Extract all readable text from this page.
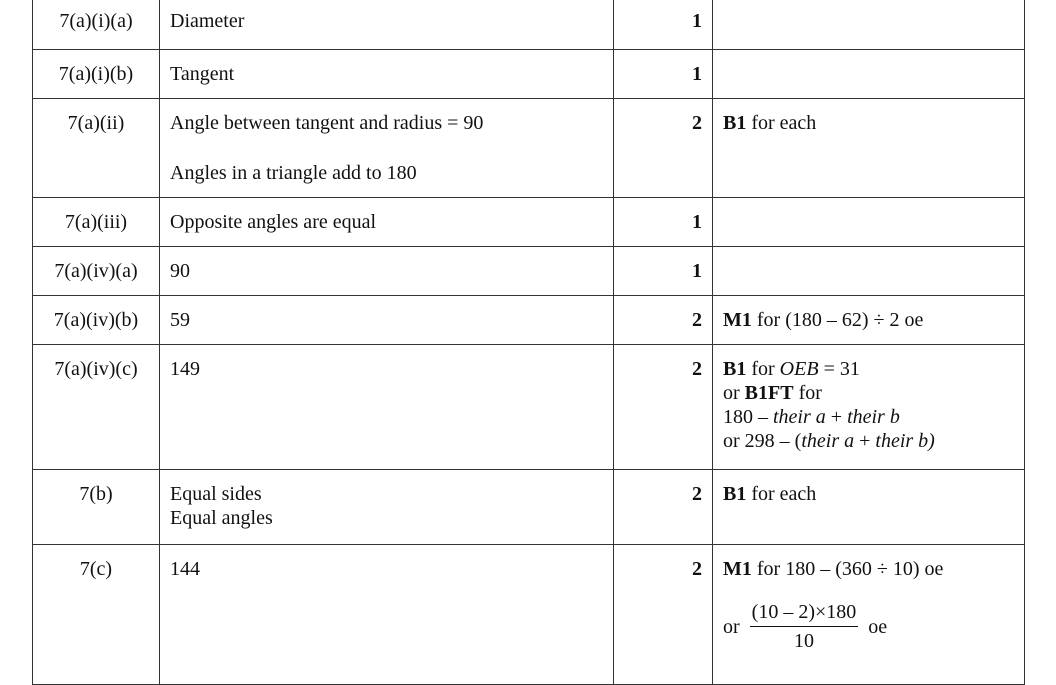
7(a)(i)(a)	Diameter	1	
7(a)(i)(b)	Tangent	1	
7(a)(ii)	Angle between tangent and radius = 90
Angles in a triangle add to 180	2	B1 for each
7(a)(iii)	Opposite angles are equal	1	
7(a)(iv)(a)	90	1	
7(a)(iv)(b)	59	2	M1 for (180 – 62) ÷ 2 oe
7(a)(iv)(c)	149	2	B1 for OEB = 31
or B1FT for
180 – their a + their b
or 298 – (their a + their b)

7(b)	Equal sides
Equal angles	2	B1 for each
7(c)	144	2	M1 for 180 – (360 ÷ 10) oe
or $\frac{(10 - 2)\times 180}{10}$ oe
